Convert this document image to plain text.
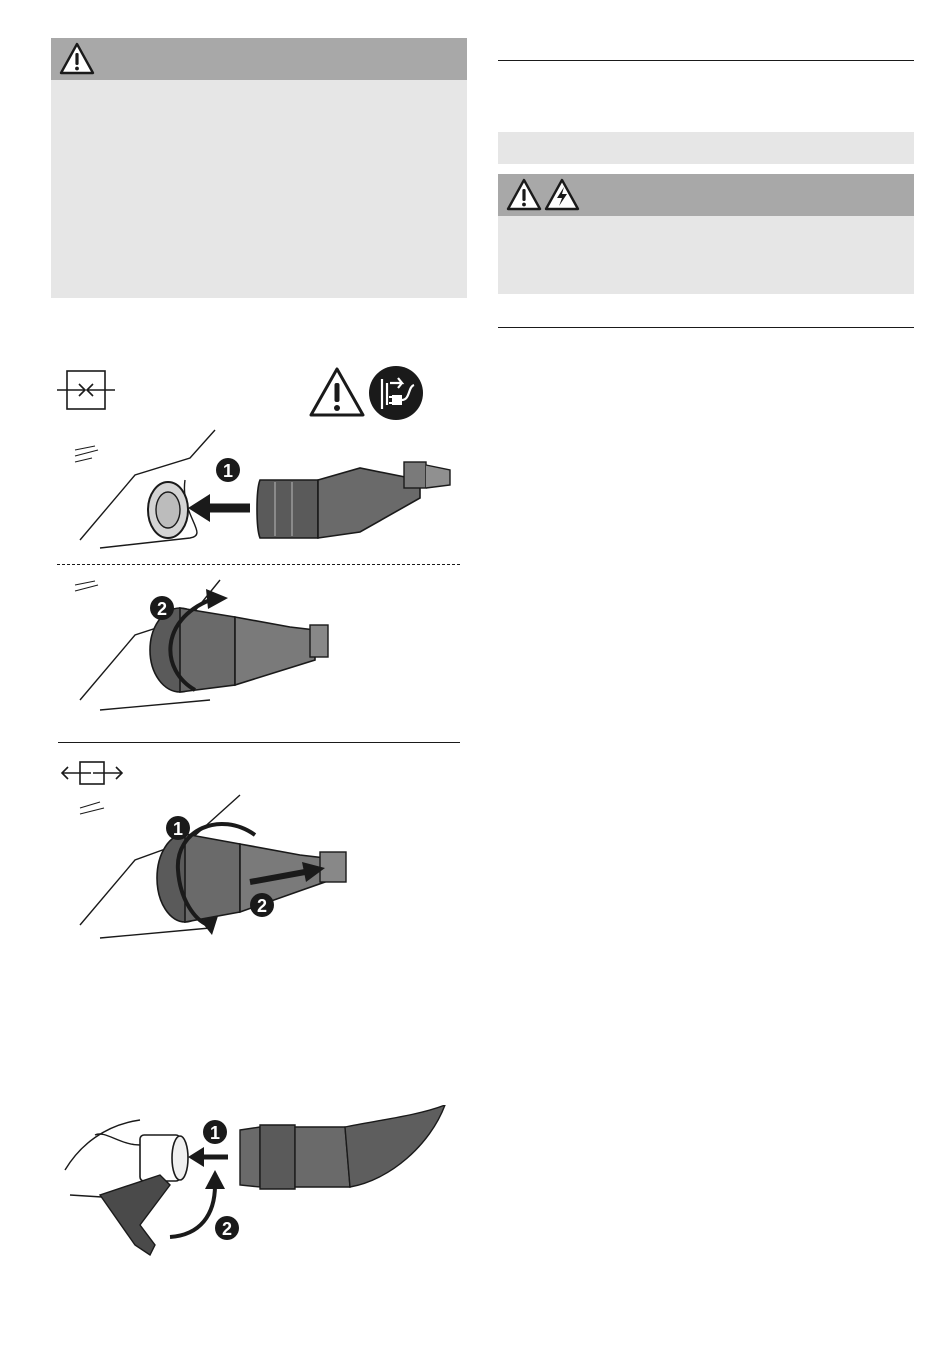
1
2
1
2
1
2
